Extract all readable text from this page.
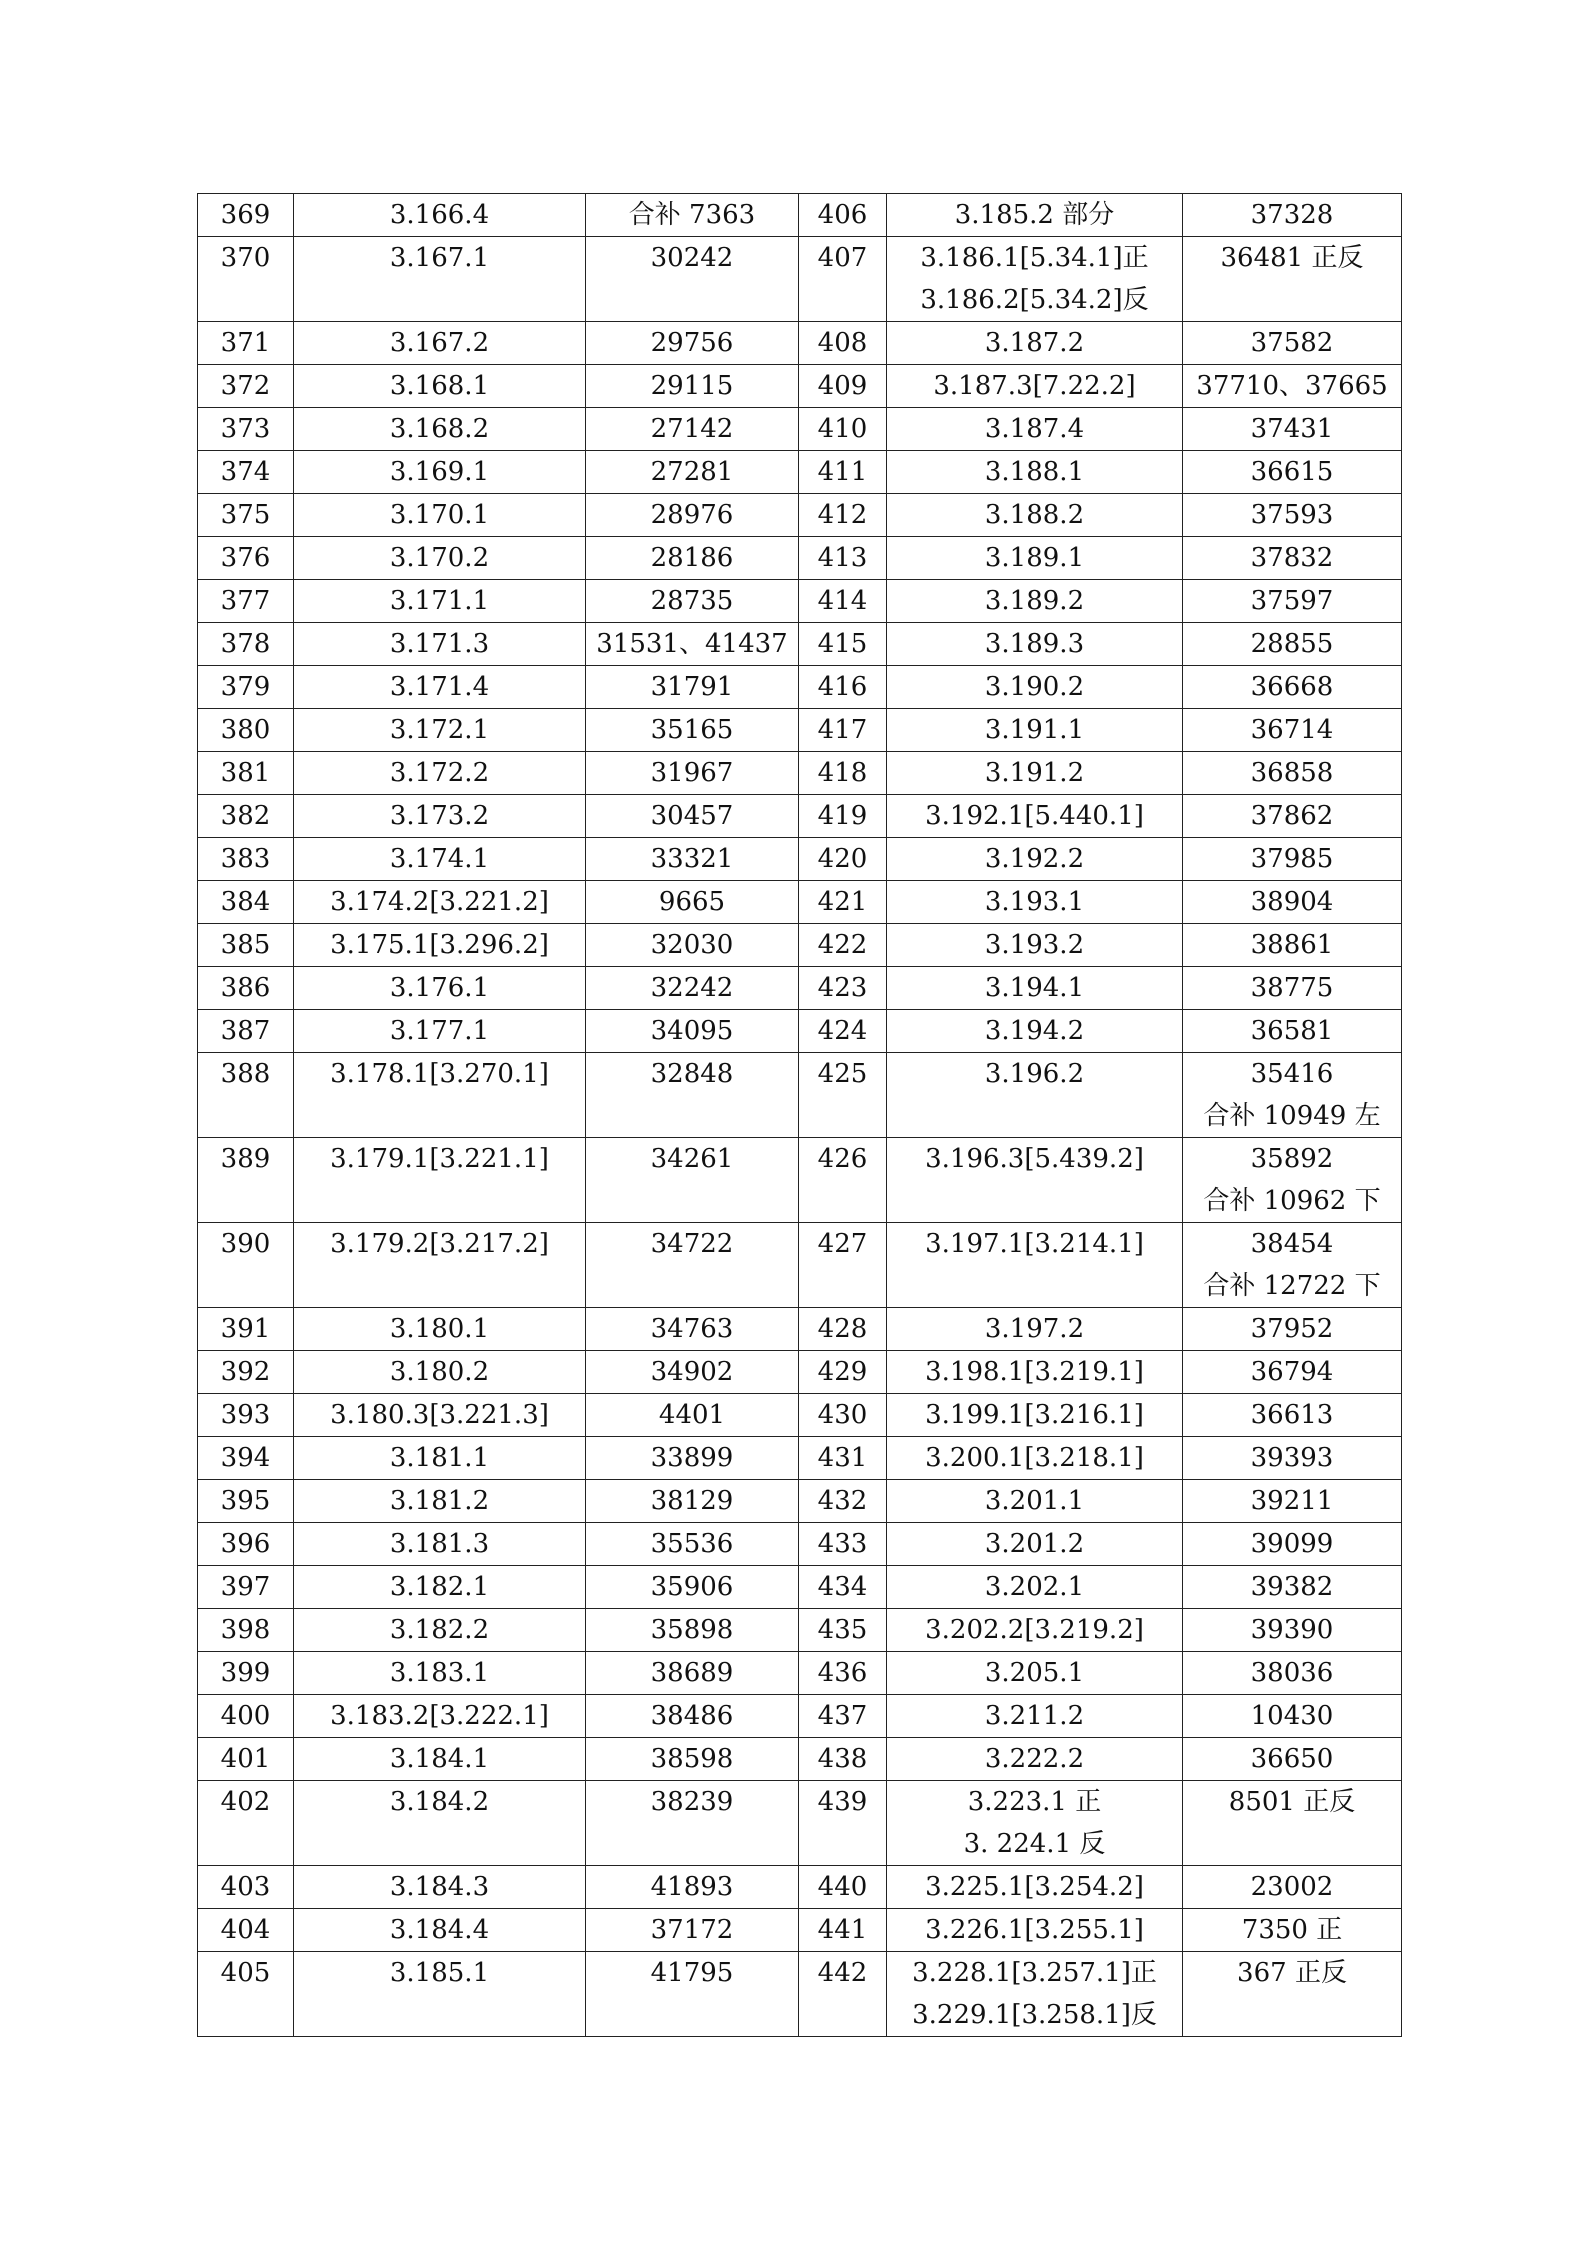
369	3.166.4	合补 7363	406	3.185.2 部分	37328

370	3.167.1	30242	407	3.186.1[5.34.1]正
3.186.2[5.34.2]反	36481 正反

371	3.167.2	29756	408	3.187.2	37582

372	3.168.1	29115	409	3.187.3[7.22.2]	37710、37665

373	3.168.2	27142	410	3.187.4	37431

374	3.169.1	27281	411	3.188.1	36615

375	3.170.1	28976	412	3.188.2	37593

376	3.170.2	28186	413	3.189.1	37832

377	3.171.1	28735	414	3.189.2	37597

378	3.171.3	31531、41437	415	3.189.3	28855

379	3.171.4	31791	416	3.190.2	36668

380	3.172.1	35165	417	3.191.1	36714

381	3.172.2	31967	418	3.191.2	36858

382	3.173.2	30457	419	3.192.1[5.440.1]	37862

383	3.174.1	33321	420	3.192.2	37985

384	3.174.2[3.221.2]	9665	421	3.193.1	38904

385	3.175.1[3.296.2]	32030	422	3.193.2	38861

386	3.176.1	32242	423	3.194.1	38775

387	3.177.1	34095	424	3.194.2	36581

388	3.178.1[3.270.1]	32848	425	3.196.2	35416
合补 10949 左

389	3.179.1[3.221.1]	34261	426	3.196.3[5.439.2]	35892
合补 10962 下

390	3.179.2[3.217.2]	34722	427	3.197.1[3.214.1]	38454
合补 12722 下

391	3.180.1	34763	428	3.197.2	37952

392	3.180.2	34902	429	3.198.1[3.219.1]	36794

393	3.180.3[3.221.3]	4401	430	3.199.1[3.216.1]	36613

394	3.181.1	33899	431	3.200.1[3.218.1]	39393

395	3.181.2	38129	432	3.201.1	39211

396	3.181.3	35536	433	3.201.2	39099

397	3.182.1	35906	434	3.202.1	39382

398	3.182.2	35898	435	3.202.2[3.219.2]	39390

399	3.183.1	38689	436	3.205.1	38036

400	3.183.2[3.222.1]	38486	437	3.211.2	10430

401	3.184.1	38598	438	3.222.2	36650

402	3.184.2	38239	439	3.223.1 正
3. 224.1 反	8501 正反

403	3.184.3	41893	440	3.225.1[3.254.2]	23002

404	3.184.4	37172	441	3.226.1[3.255.1]	7350 正

405	3.185.1	41795	442	3.228.1[3.257.1]正
3.229.1[3.258.1]反	367 正反
